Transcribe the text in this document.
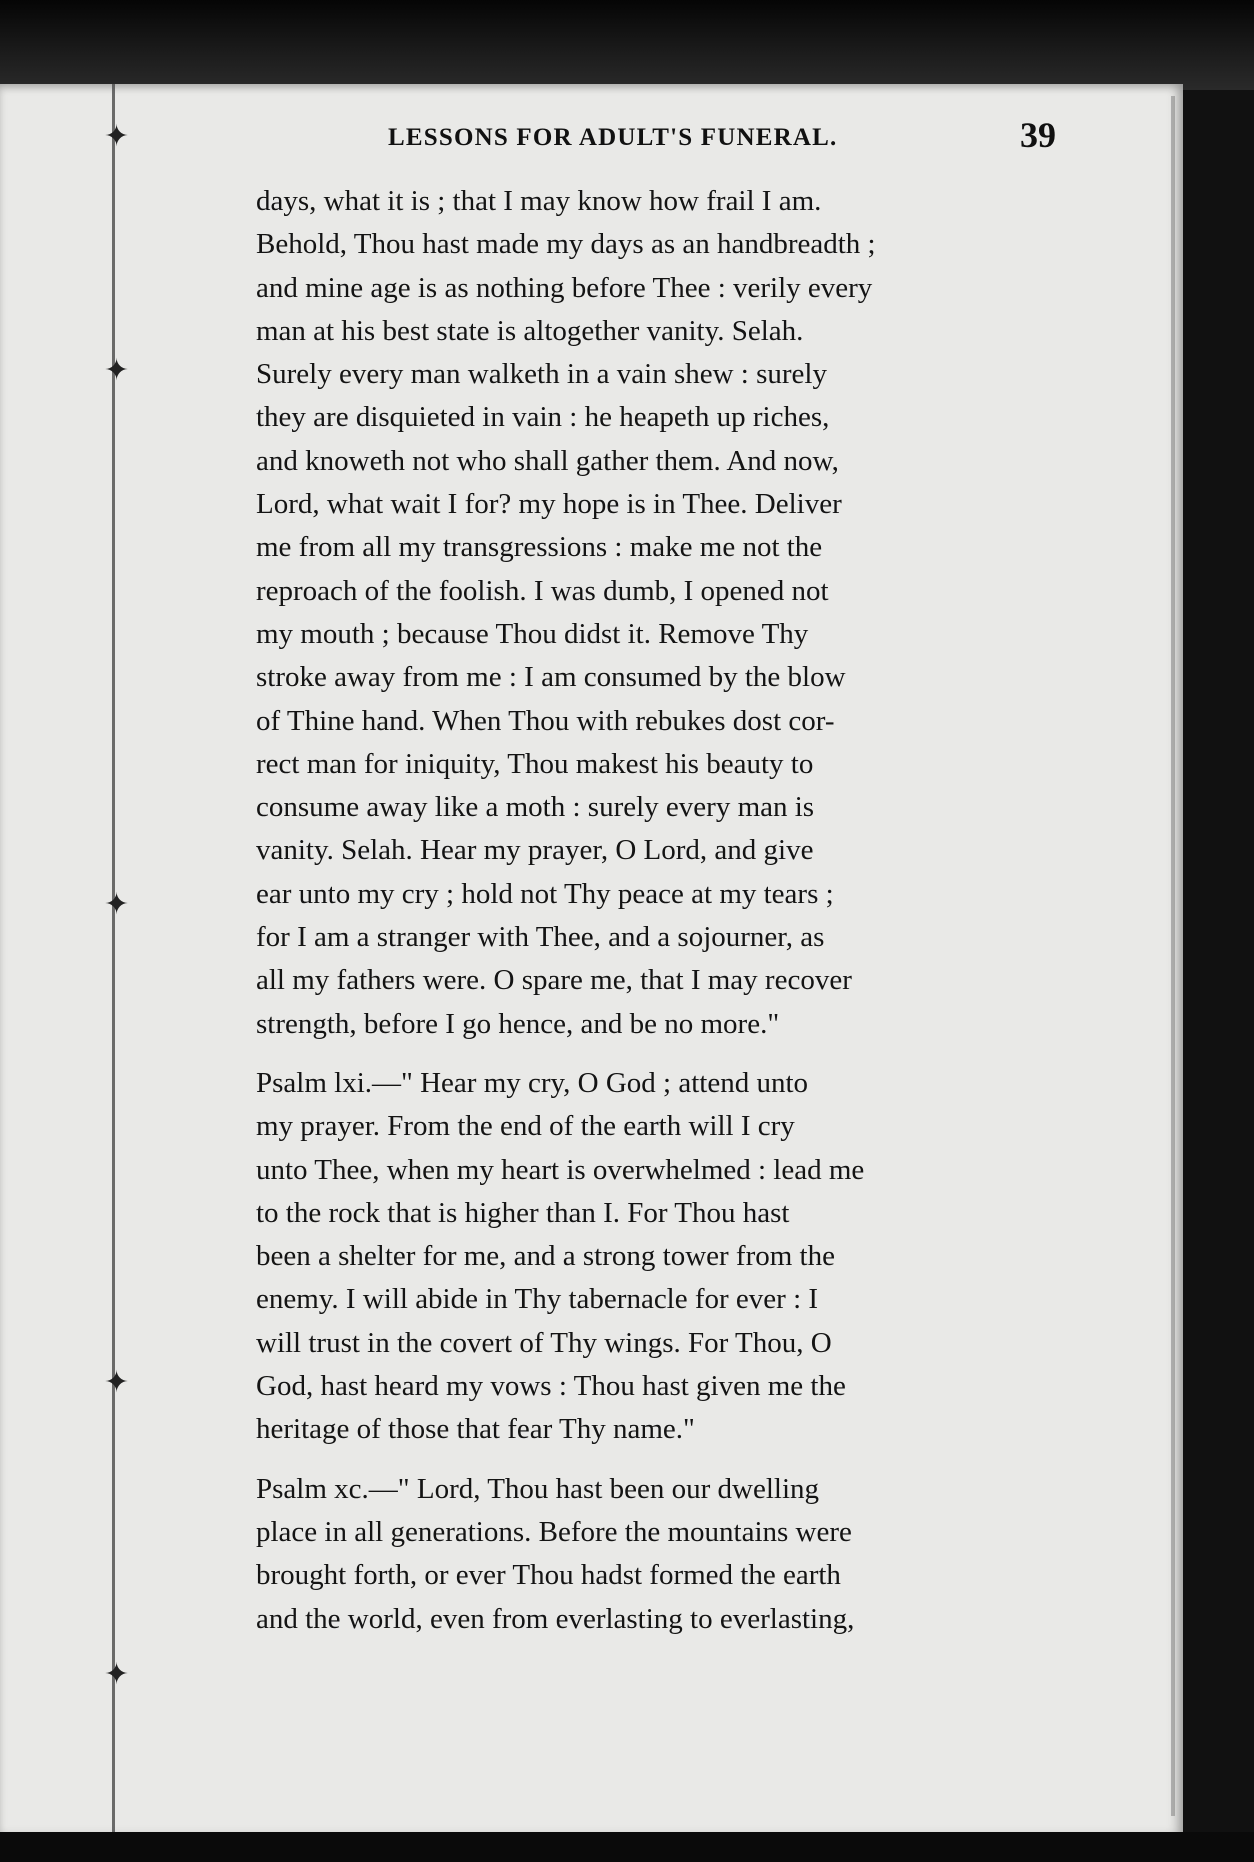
✦
✦
✦
✦
✦
LESSONS FOR ADULT'S FUNERAL.	39
days, what it is ; that I may know how frail I am.
Behold, Thou hast made my days as an handbreadth ;
and mine age is as nothing before Thee : verily every
man at his best state is altogether vanity. Selah.
Surely every man walketh in a vain shew : surely
they are disquieted in vain : he heapeth up riches,
and knoweth not who shall gather them. And now,
Lord, what wait I for? my hope is in Thee. Deliver
me from all my transgressions : make me not the
reproach of the foolish. I was dumb, I opened not
my mouth ; because Thou didst it. Remove Thy
stroke away from me : I am consumed by the blow
of Thine hand. When Thou with rebukes dost cor-
rect man for iniquity, Thou makest his beauty to
consume away like a moth : surely every man is
vanity. Selah. Hear my prayer, O Lord, and give
ear unto my cry ; hold not Thy peace at my tears ;
for I am a stranger with Thee, and a sojourner, as
all my fathers were. O spare me, that I may recover
strength, before I go hence, and be no more."
Psalm lxi.—" Hear my cry, O God ; attend unto
my prayer. From the end of the earth will I cry
unto Thee, when my heart is overwhelmed : lead me
to the rock that is higher than I. For Thou hast
been a shelter for me, and a strong tower from the
enemy. I will abide in Thy tabernacle for ever : I
will trust in the covert of Thy wings. For Thou, O
God, hast heard my vows : Thou hast given me the
heritage of those that fear Thy name."
Psalm xc.—" Lord, Thou hast been our dwelling
place in all generations. Before the mountains were
brought forth, or ever Thou hadst formed the earth
and the world, even from everlasting to everlasting,
